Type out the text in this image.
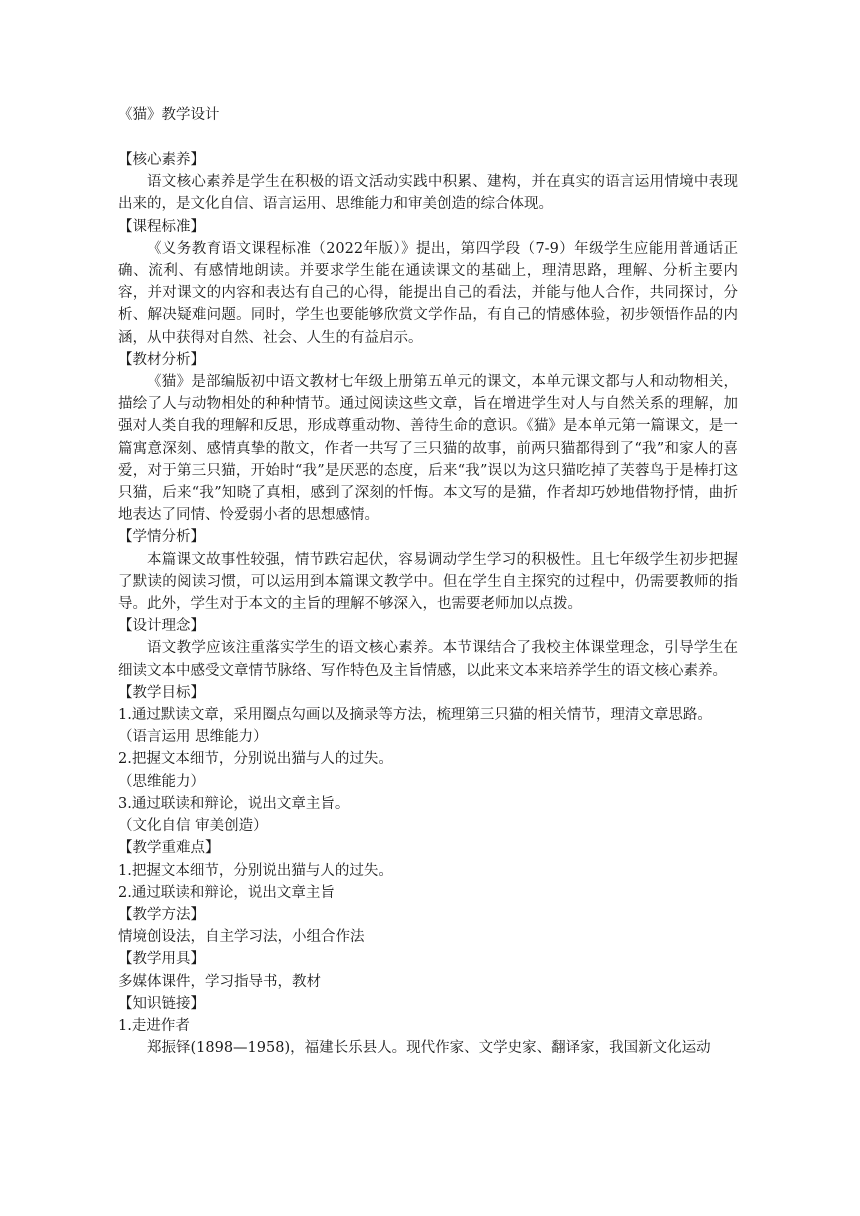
《猫》教学设计

【核心素养】

语文核心素养是学生在积极的语文活动实践中积累、建构，并在真实的语言运用情境中表现出来的，是文化自信、语言运用、思维能力和审美创造的综合体现。

【课程标准】

《义务教育语文课程标准（2022年版）》提出，第四学段（7-9）年级学生应能用普通话正确、流利、有感情地朗读。并要求学生能在通读课文的基础上，理清思路，理解、分析主要内容，并对课文的内容和表达有自己的心得，能提出自己的看法，并能与他人合作，共同探讨，分析、解决疑难问题。同时，学生也要能够欣赏文学作品，有自己的情感体验，初步领悟作品的内涵，从中获得对自然、社会、人生的有益启示。

【教材分析】

《猫》是部编版初中语文教材七年级上册第五单元的课文，本单元课文都与人和动物相关，描绘了人与动物相处的种种情节。通过阅读这些文章，旨在增进学生对人与自然关系的理解，加强对人类自我的理解和反思，形成尊重动物、善待生命的意识。《猫》是本单元第一篇课文，是一篇寓意深刻、感情真挚的散文，作者一共写了三只猫的故事，前两只猫都得到了“我”和家人的喜爱，对于第三只猫，开始时“我”是厌恶的态度，后来“我”误以为这只猫吃掉了芙蓉鸟于是棒打这只猫，后来“我”知晓了真相，感到了深刻的忏悔。本文写的是猫，作者却巧妙地借物抒情，曲折地表达了同情、怜爱弱小者的思想感情。

【学情分析】

本篇课文故事性较强，情节跌宕起伏，容易调动学生学习的积极性。且七年级学生初步把握了默读的阅读习惯，可以运用到本篇课文教学中。但在学生自主探究的过程中，仍需要教师的指导。此外，学生对于本文的主旨的理解不够深入，也需要老师加以点拨。

【设计理念】

语文教学应该注重落实学生的语文核心素养。本节课结合了我校主体课堂理念，引导学生在细读文本中感受文章情节脉络、写作特色及主旨情感，以此来文本来培养学生的语文核心素养。

【教学目标】

1.通过默读文章，采用圈点勾画以及摘录等方法，梳理第三只猫的相关情节，理清文章思路。

（语言运用 思维能力）

2.把握文本细节，分别说出猫与人的过失。

（思维能力）

3.通过联读和辩论，说出文章主旨。

（文化自信 审美创造）

【教学重难点】

1.把握文本细节，分别说出猫与人的过失。

2.通过联读和辩论，说出文章主旨

【教学方法】

情境创设法，自主学习法，小组合作法

【教学用具】

多媒体课件，学习指导书，教材

【知识链接】

1.走进作者

郑振铎(1898—1958)，福建长乐县人。现代作家、文学史家、翻译家，我国新文化运动
